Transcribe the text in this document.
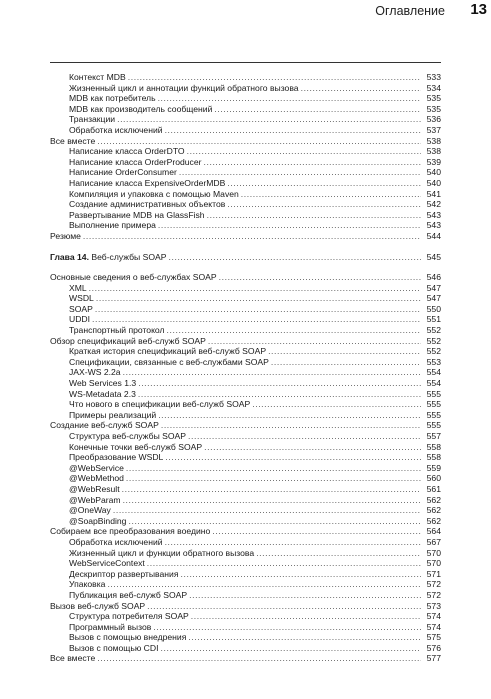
Оглавление 13
Контекст MDB .....	533
Жизненный цикл и аннотации функций обратного вызова .....	534
MDB как потребитель .....	535
MDB как производитель сообщений .....	535
Транзакции .....	536
Обработка исключений .....	537
Все вместе .....	538
Написание класса OrderDTO .....	538
Написание класса OrderProducer .....	539
Написание OrderConsumer .....	540
Написание класса ExpensiveOrderMDB .....	540
Компиляция и упаковка с помощью Maven .....	541
Создание административных объектов .....	542
Развертывание MDB на GlassFish .....	543
Выполнение примера .....	543
Резюме .....	544
Глава 14. Веб-службы SOAP .....	545
Основные сведения о веб-службах SOAP .....	546
XML .....	547
WSDL .....	547
SOAP .....	550
UDDI .....	551
Транспортный протокол .....	552
Обзор спецификаций веб-служб SOAP .....	552
Краткая история спецификаций веб-служб SOAP .....	552
Спецификации, связанные с веб-службами SOAP .....	553
JAX-WS 2.2a .....	554
Web Services 1.3 .....	554
WS-Metadata 2.3 .....	555
Что нового в спецификации веб-служб SOAP .....	555
Примеры реализаций .....	555
Создание веб-служб SOAP .....	555
Структура веб-службы SOAP .....	557
Конечные точки веб-служб SOAP .....	558
Преобразование WSDL .....	558
@WebService .....	559
@WebMethod .....	560
@WebResult .....	561
@WebParam .....	562
@OneWay .....	562
@SoapBinding .....	562
Собираем все преобразования воедино .....	564
Обработка исключений .....	567
Жизненный цикл и функции обратного вызова .....	570
WebServiceContext .....	570
Дескриптор развертывания .....	571
Упаковка .....	572
Публикация веб-служб SOAP .....	572
Вызов веб-служб SOAP .....	573
Структура потребителя SOAP .....	574
Программный вызов .....	574
Вызов с помощью внедрения .....	575
Вызов с помощью CDI .....	576
Все вместе .....	577
